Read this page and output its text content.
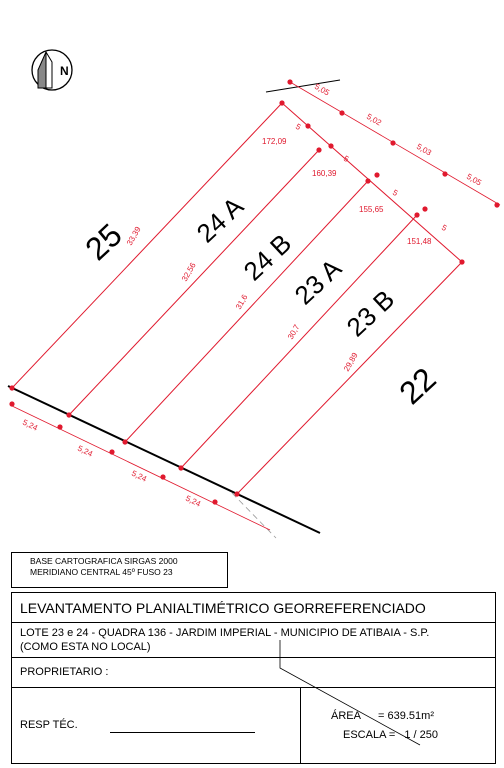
N
25 24 A
24 B
23 A
23 B
22
5,05
5,02
5,03
5,05
5
5
5
5
172,09
160,39
155,65
151,48
33,39
32,56
31,6
30,7
29,89
5,24
5,24
5,24
5,24
BASE CARTOGRAFICA SIRGAS 2000
MERIDIANO CENTRAL 45º FUSO 23
LEVANTAMENTO PLANIALTIMÉTRICO GEORREFERENCIADO
LOTE 23 e 24 - QUADRA 136 - JARDIM IMPERIAL - MUNICIPIO DE ATIBAIA - S.P.
(COMO ESTA NO LOCAL)
PROPRIETARIO :
RESP TÉC.
ÁREA = 639.51m²
ESCALA = 1 / 250
